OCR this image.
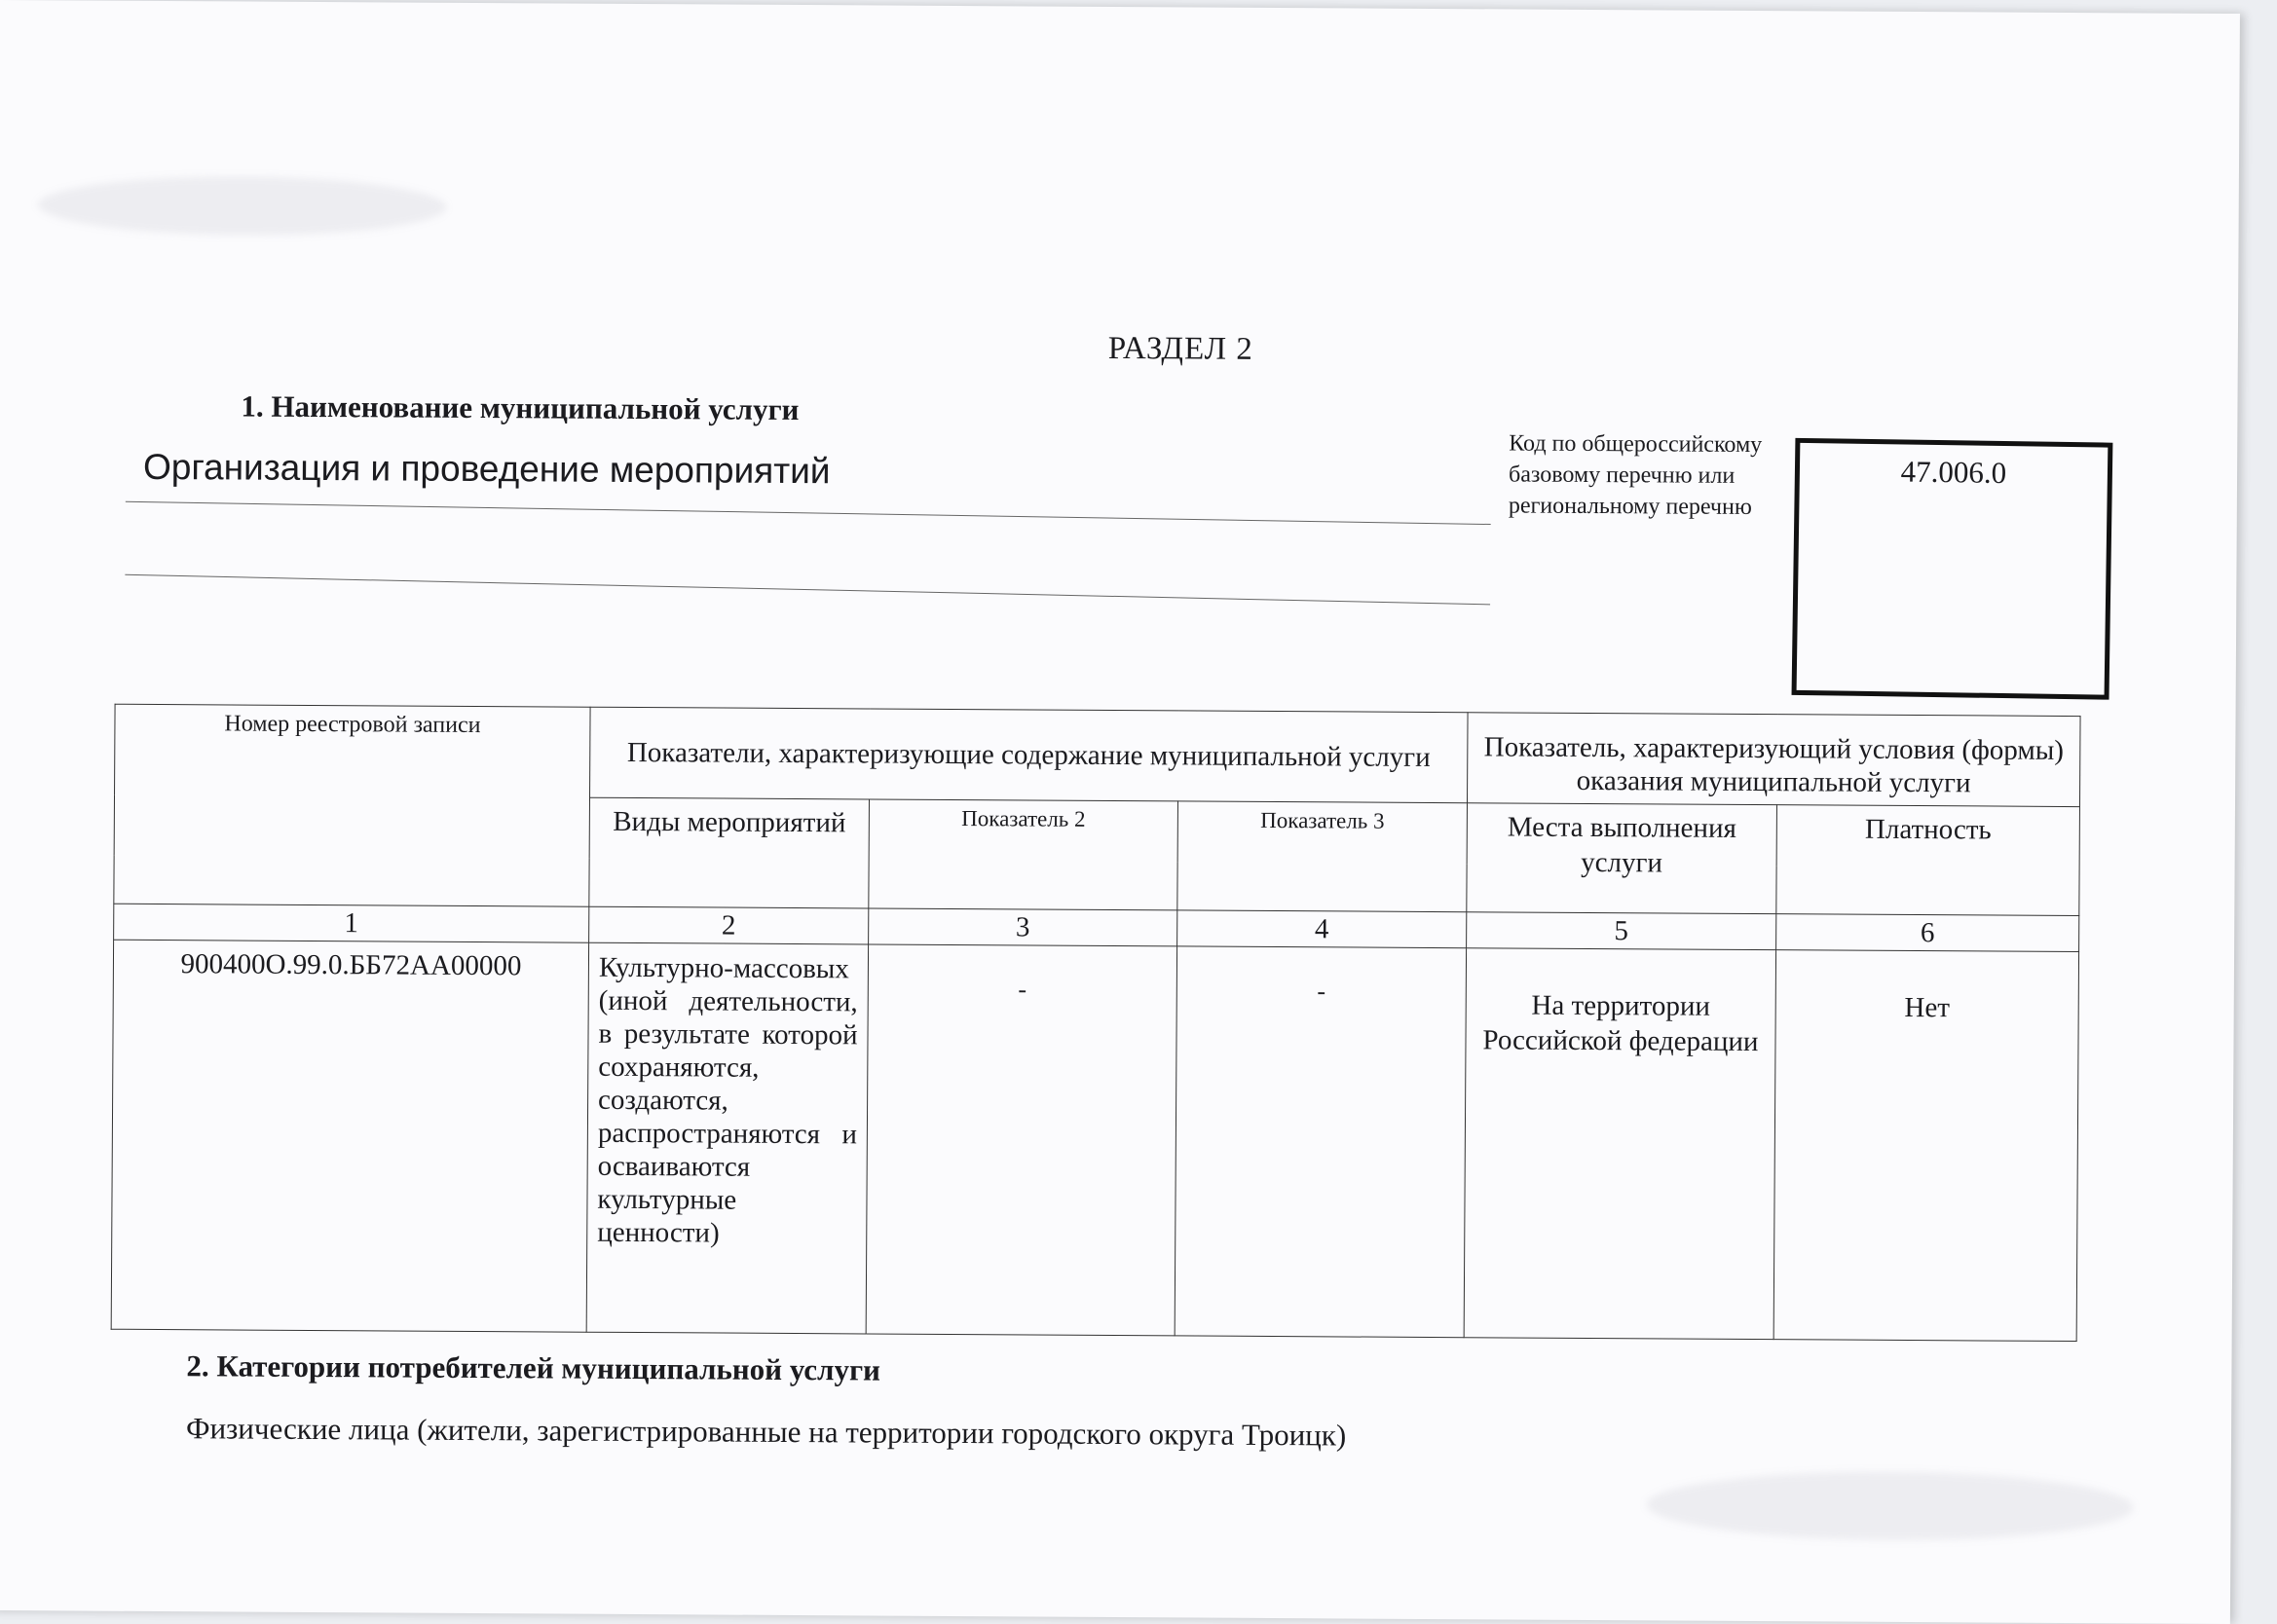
РАЗДЕЛ 2
1. Наименование муниципальной услуги
Организация и проведение мероприятий
Код по общероссийскому базовому перечню или региональному перечню
47.006.0
Номер реестровой записи	Показатели, характеризующие содержание муниципальной услуги			Показатель, характеризующий условия (формы) оказания муниципальной услуги	
	Виды мероприятий	Показатель 2	Показатель 3	Места выполнения услуги	Платность

1	2	3	4	5	6
900400О.99.0.ББ72АА00000	Культурно-массовых (иной деятельности, в результате которой сохраняются, создаются, распространяются и осваиваются культурные ценности)	-	-	На территории Российской федерации	Нет
2. Категории потребителей муниципальной услуги
Физические лица (жители, зарегистрированные на территории городского округа Троицк)
